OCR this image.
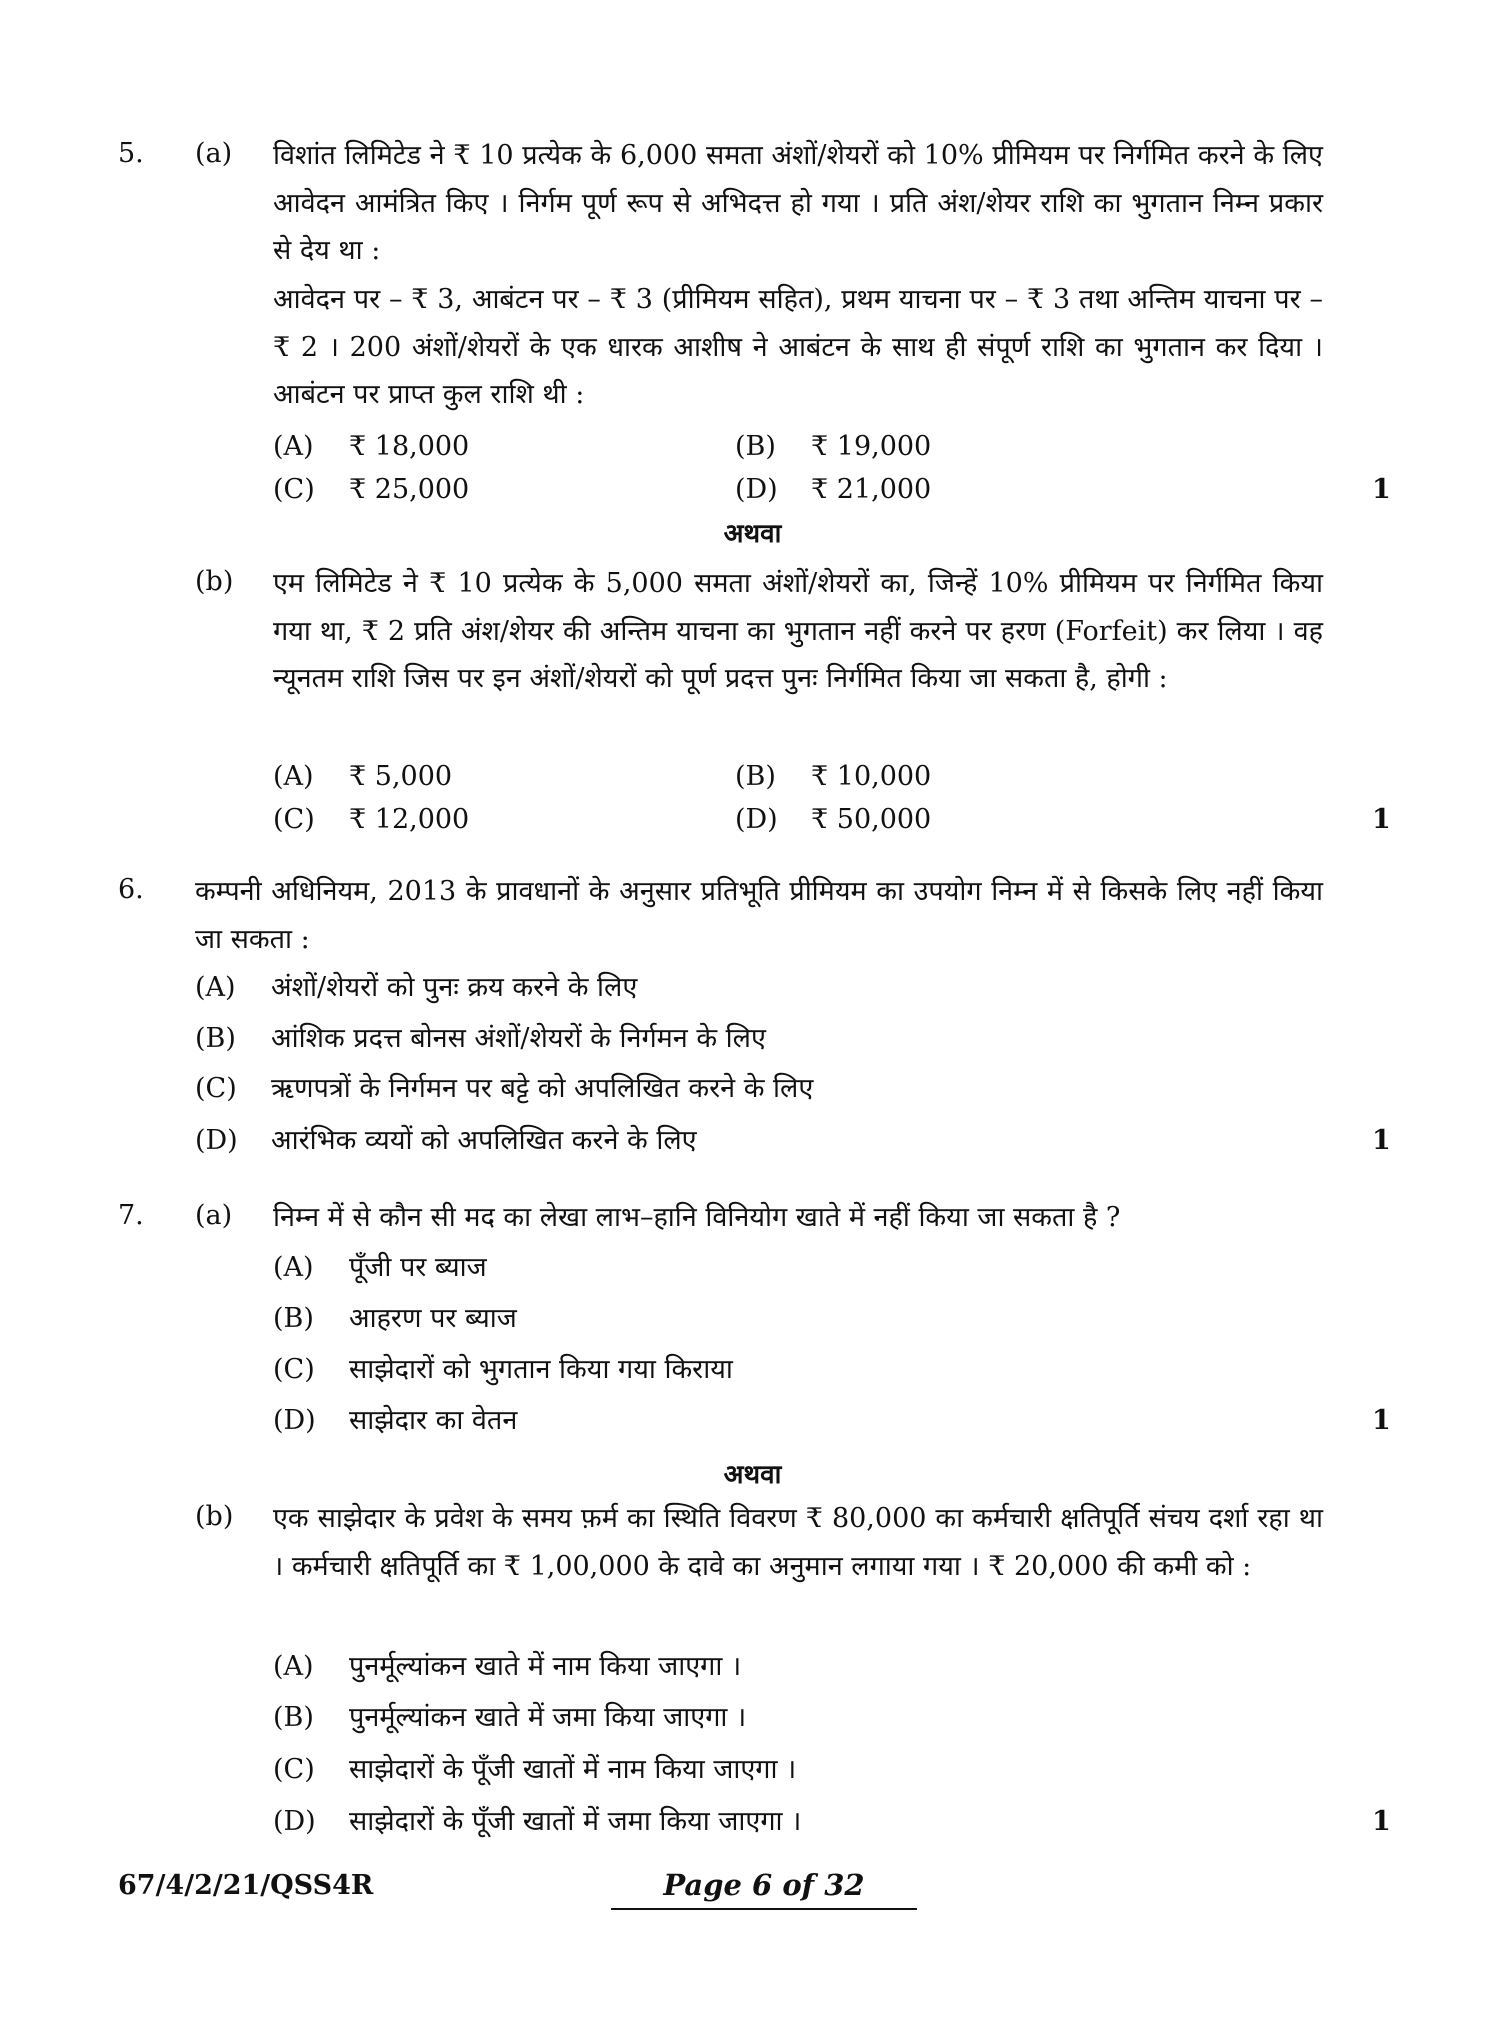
5. (a) विशांत लिमिटेड ने ₹ 10 प्रत्येक के 6,000 समता अंशों/शेयरों को 10% प्रीमियम पर निर्गमित करने के लिए आवेदन आमंत्रित किए । निर्गम पूर्ण रूप से अभिदत्त हो गया । प्रति अंश/शेयर राशि का भुगतान निम्न प्रकार से देय था :
आवेदन पर – ₹ 3, आबंटन पर – ₹ 3 (प्रीमियम सहित), प्रथम याचना पर – ₹ 3 तथा अन्तिम याचना पर – ₹ 2 । 200 अंशों/शेयरों के एक धारक आशीष ने आबंटन के साथ ही संपूर्ण राशि का भुगतान कर दिया । आबंटन पर प्राप्त कुल राशि थी :
(A) ₹ 18,000	(B) ₹ 19,000
(C) ₹ 25,000	(D) ₹ 21,000	1
अथवा
(b) एम लिमिटेड ने ₹ 10 प्रत्येक के 5,000 समता अंशों/शेयरों का, जिन्हें 10% प्रीमियम पर निर्गमित किया गया था, ₹ 2 प्रति अंश/शेयर की अन्तिम याचना का भुगतान नहीं करने पर हरण (Forfeit) कर लिया । वह न्यूनतम राशि जिस पर इन अंशों/शेयरों को पूर्ण प्रदत्त पुनः निर्गमित किया जा सकता है, होगी :
(A) ₹ 5,000	(B) ₹ 10,000
(C) ₹ 12,000	(D) ₹ 50,000	1
6. कम्पनी अधिनियम, 2013 के प्रावधानों के अनुसार प्रतिभूति प्रीमियम का उपयोग निम्न में से किसके लिए नहीं किया जा सकता :
(A) अंशों/शेयरों को पुनः क्रय करने के लिए
(B) आंशिक प्रदत्त बोनस अंशों/शेयरों के निर्गमन के लिए
(C) ऋणपत्रों के निर्गमन पर बट्टे को अपलिखित करने के लिए
(D) आरंभिक व्ययों को अपलिखित करने के लिए	1
7. (a) निम्न में से कौन सी मद का लेखा लाभ–हानि विनियोग खाते में नहीं किया जा सकता है ?
(A) पूँजी पर ब्याज
(B) आहरण पर ब्याज
(C) साझेदारों को भुगतान किया गया किराया
(D) साझेदार का वेतन	1
अथवा
(b) एक साझेदार के प्रवेश के समय फ़र्म का स्थिति विवरण ₹ 80,000 का कर्मचारी क्षतिपूर्ति संचय दर्शा रहा था । कर्मचारी क्षतिपूर्ति का ₹ 1,00,000 के दावे का अनुमान लगाया गया । ₹ 20,000 की कमी को :
(A) पुनर्मूल्यांकन खाते में नाम किया जाएगा ।
(B) पुनर्मूल्यांकन खाते में जमा किया जाएगा ।
(C) साझेदारों के पूँजी खातों में नाम किया जाएगा ।
(D) साझेदारों के पूँजी खातों में जमा किया जाएगा ।	1
67/4/2/21/QSS4R	Page 6 of 32
